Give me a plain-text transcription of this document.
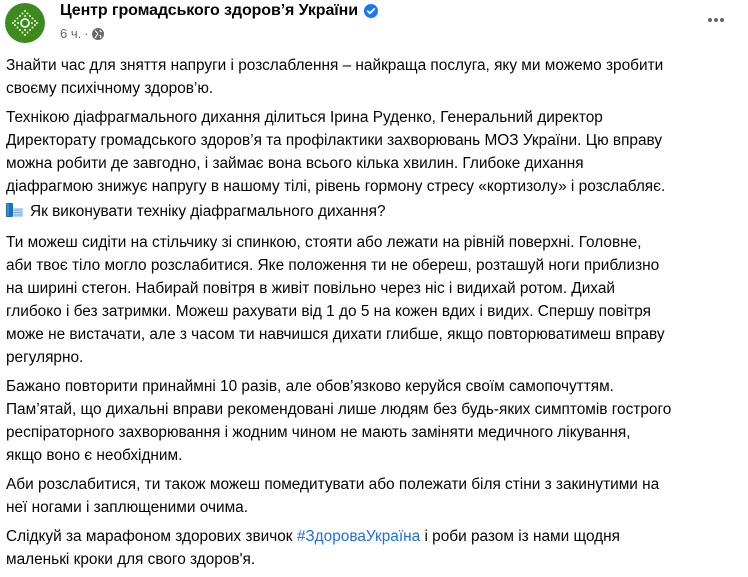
Центр громадського здоров’я України
6 ч. ·

Знайти час для зняття напруги і розслаблення – найкраща послуга, яку ми можемо зробити
своєму психічному здоров’ю.

Технікою діафрагмального дихання ділиться Ірина Руденко, Генеральний директор
Директорату громадського здоров’я та профілактики захворювань МОЗ України. Цю вправу
можна робити де завгодно, і займає вона всього кілька хвилин. Глибоке дихання
діафрагмою знижує напругу в нашому тілі, рівень гормону стресу «кортизолу» і розслабляє.

Як виконувати техніку діафрагмального дихання?

Ти можеш сидіти на стільчику зі спинкою, стояти або лежати на рівній поверхні. Головне,
аби твоє тіло могло розслабитися. Яке положення ти не обереш, розташуй ноги приблизно
на ширині стегон. Набирай повітря в живіт повільно через ніс і видихай ротом. Дихай
глибоко і без затримки. Можеш рахувати від 1 до 5 на кожен вдих і видих. Спершу повітря
може не вистачати, але з часом ти навчишся дихати глибше, якщо повторюватимеш вправу
регулярно.

Бажано повторити принаймні 10 разів, але обов’язково керуйся своїм самопочуттям.
Пам’ятай, що дихальні вправи рекомендовані лише людям без будь-яких симптомів гострого
респіраторного захворювання і жодним чином не мають заміняти медичного лікування,
якщо воно є необхідним.

Аби розслабитися, ти також можеш помедитувати або полежати біля стіни з закинутими на
неї ногами і заплющеними очима.

Слідкуй за марафоном здорових звичок #ЗдороваУкраїна і роби разом із нами щодня
маленькі кроки для свого здоров'я.
